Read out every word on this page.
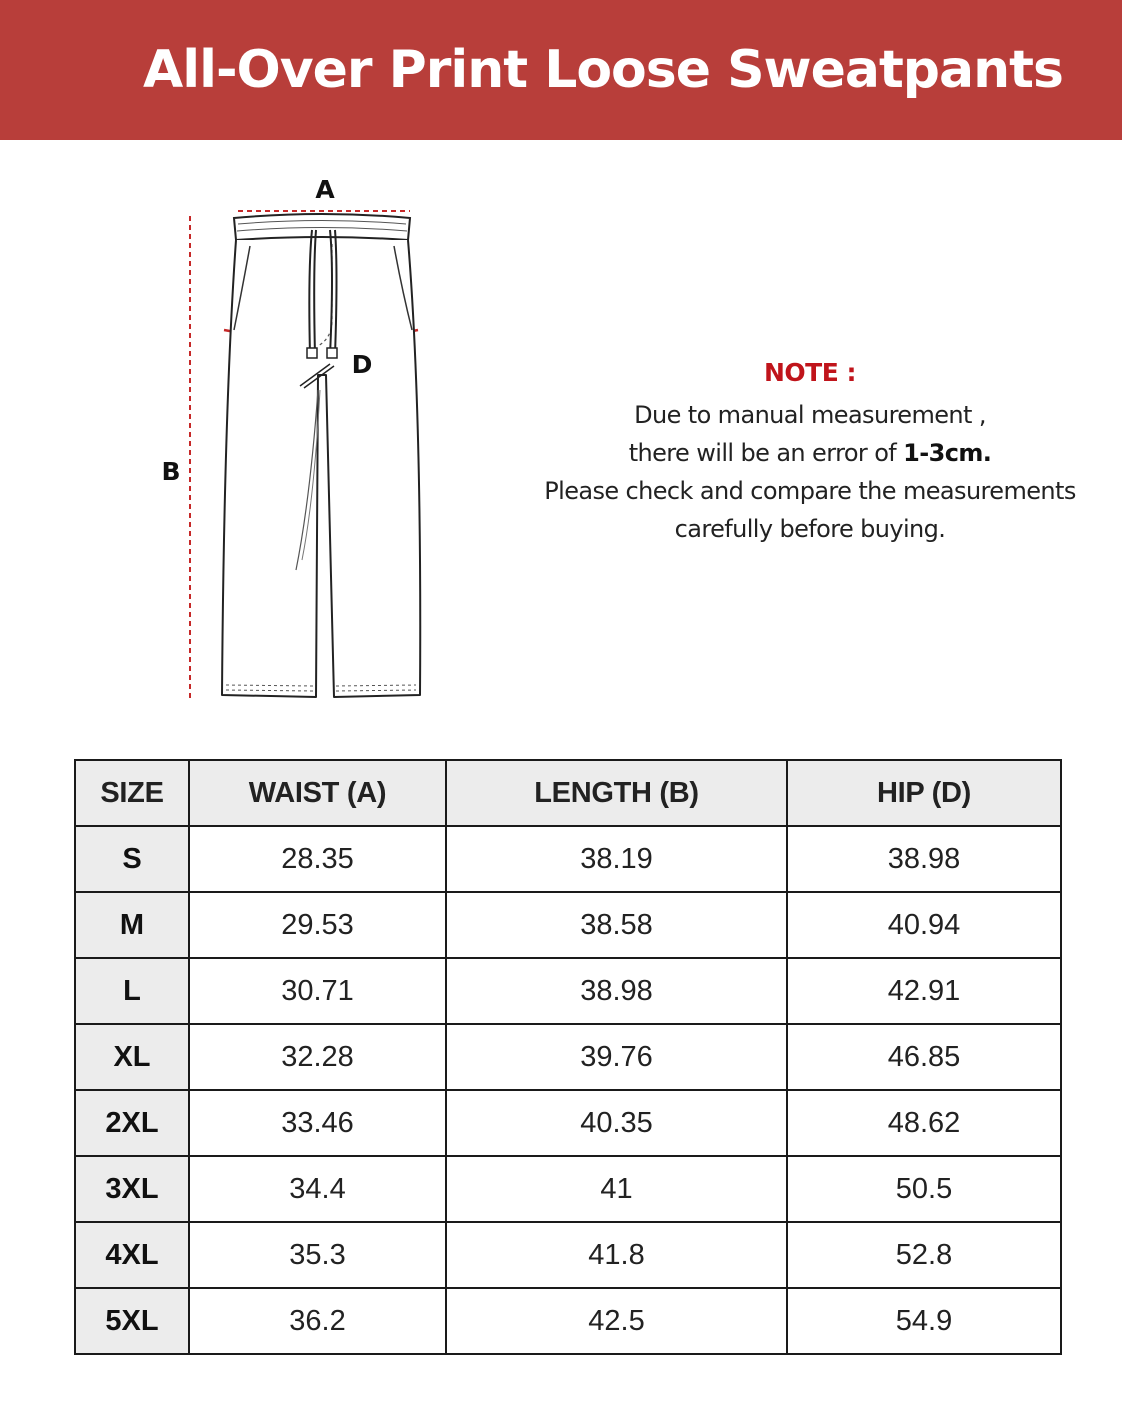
All-Over Print Loose Sweatpants
A
B
D	NOTE :
Due to manual measurement ,
there will be an error of 1-3cm.
Please check and compare the measurements
carefully before buying.
SIZE	WAIST (A)	LENGTH (B)	HIP (D)
S	28.35	38.19	38.98
M	29.53	38.58	40.94
L	30.71	38.98	42.91
XL	32.28	39.76	46.85
2XL	33.46	40.35	48.62
3XL	34.4	41	50.5
4XL	35.3	41.8	52.8
5XL	36.2	42.5	54.9
